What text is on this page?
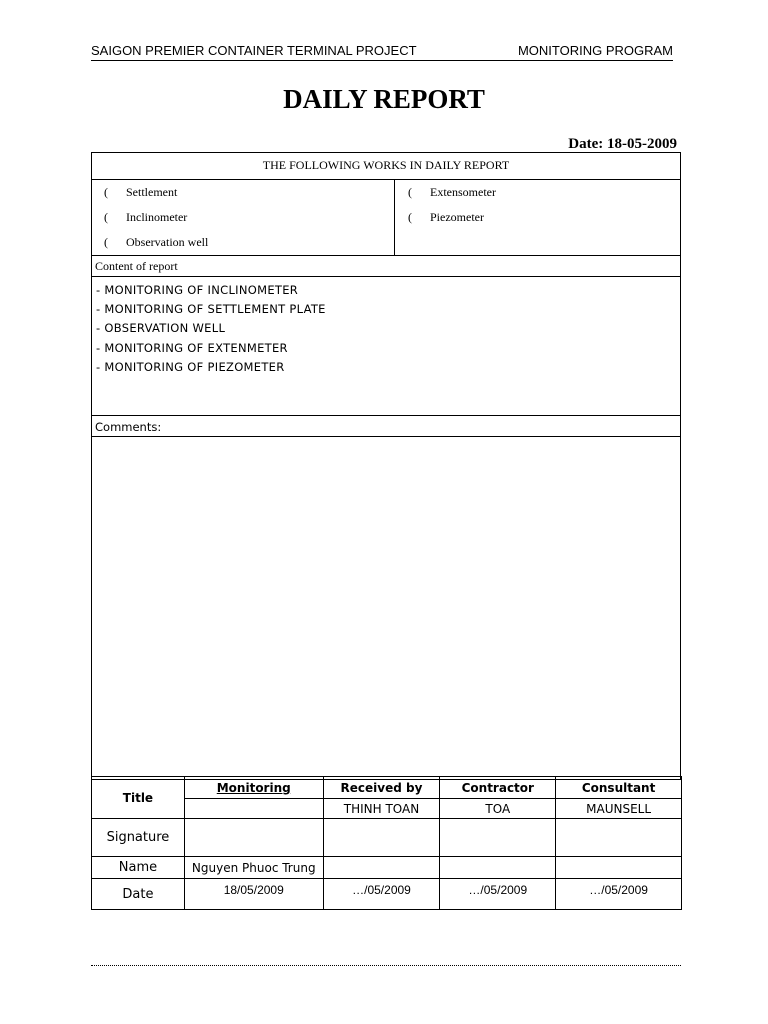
SAIGON PREMIER CONTAINER TERMINAL PROJECT	MONITORING PROGRAM
DAILY REPORT
Date: 18-05-2009
THE FOLLOWING WORKS IN DAILY REPORT
( Settlement
( Inclinometer
( Observation well
( Extensometer
( Piezometer
Content of report
- MONITORING OF INCLINOMETER
- MONITORING OF SETTLEMENT PLATE
- OBSERVATION WELL
- MONITORING OF EXTENMETER
- MONITORING OF PIEZOMETER
Comments:
Title	Monitoring	Received by	Contractor	Consultant
		THINH TOAN	TOA	MAUNSELL
Signature				
Name	Nguyen Phuoc Trung			
Date	18/05/2009	…/05/2009	…/05/2009	…/05/2009
